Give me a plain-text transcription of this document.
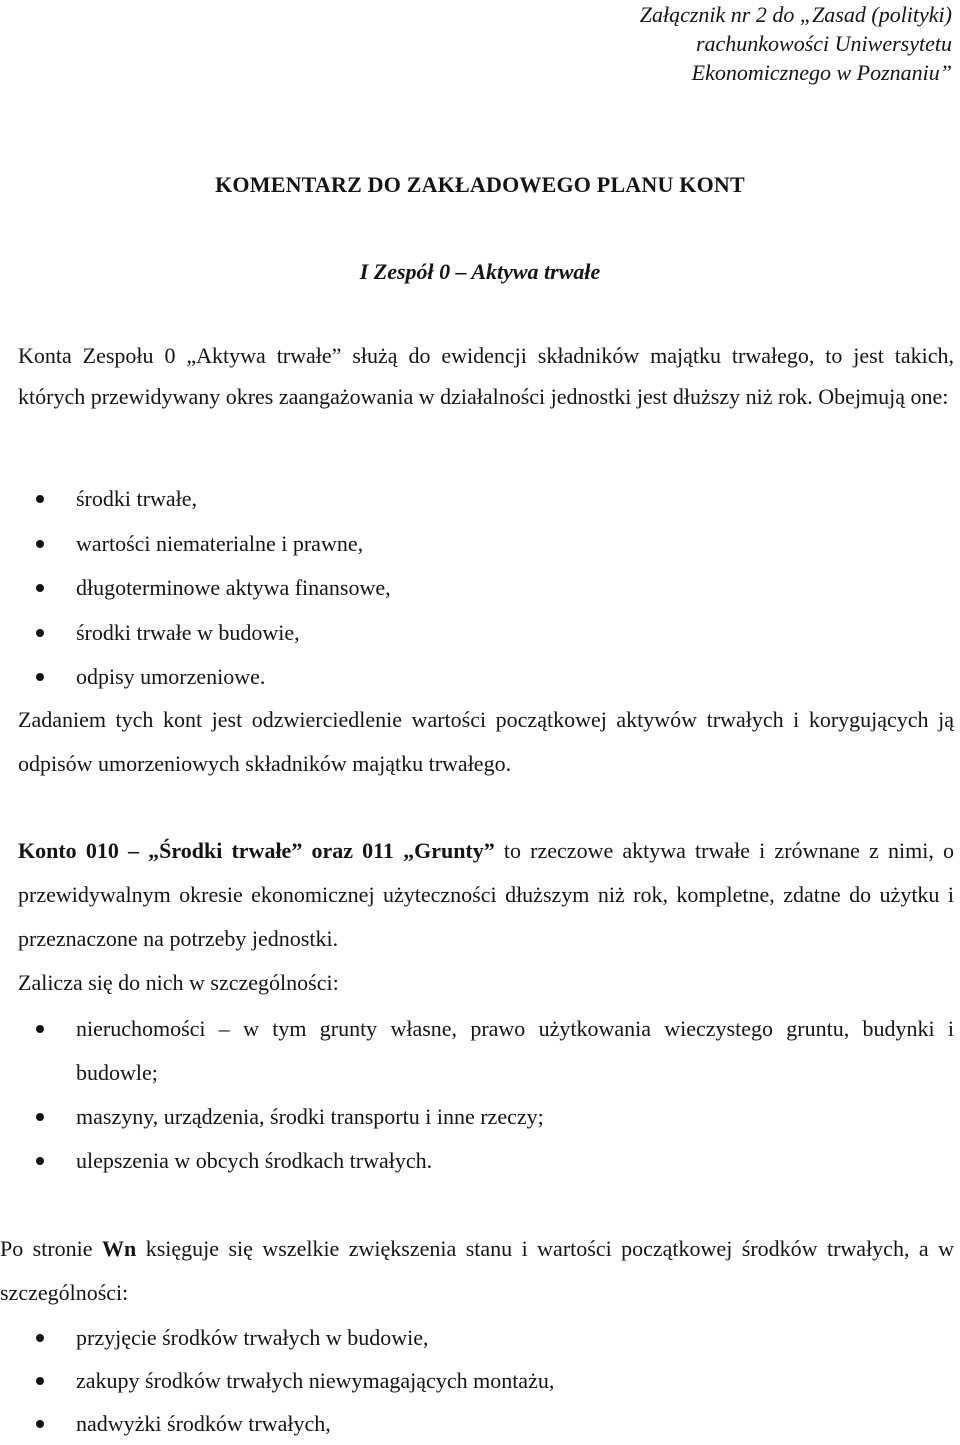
Załącznik nr 2 do „Zasad (polityki)
rachunkowości Uniwersytetu
Ekonomicznego w Poznaniu”
KOMENTARZ DO ZAKŁADOWEGO PLANU KONT
I Zespół 0 – Aktywa trwałe
Konta Zespołu 0 „Aktywa trwałe” służą do ewidencji składników majątku trwałego, to jest takich, których przewidywany okres zaangażowania w działalności jednostki jest dłuższy niż rok. Obejmują one:
środki trwałe,
wartości niematerialne i prawne,
długoterminowe aktywa finansowe,
środki trwałe w budowie,
odpisy umorzeniowe.
Zadaniem tych kont jest odzwierciedlenie wartości początkowej aktywów trwałych i korygujących ją odpisów umorzeniowych składników majątku trwałego.
Konto 010 – „Środki trwałe” oraz 011 „Grunty” to rzeczowe aktywa trwałe i zrównane z nimi, o przewidywalnym okresie ekonomicznej użyteczności dłuższym niż rok, kompletne, zdatne do użytku i przeznaczone na potrzeby jednostki.
Zalicza się do nich w szczególności:
nieruchomości – w tym grunty własne, prawo użytkowania wieczystego gruntu, budynki i budowle;
maszyny, urządzenia, środki transportu i inne rzeczy;
ulepszenia w obcych środkach trwałych.
Po stronie Wn księguje się wszelkie zwiększenia stanu i wartości początkowej środków trwałych, a w szczególności:
przyjęcie środków trwałych w budowie,
zakupy środków trwałych niewymagających montażu,
nadwyżki środków trwałych,
